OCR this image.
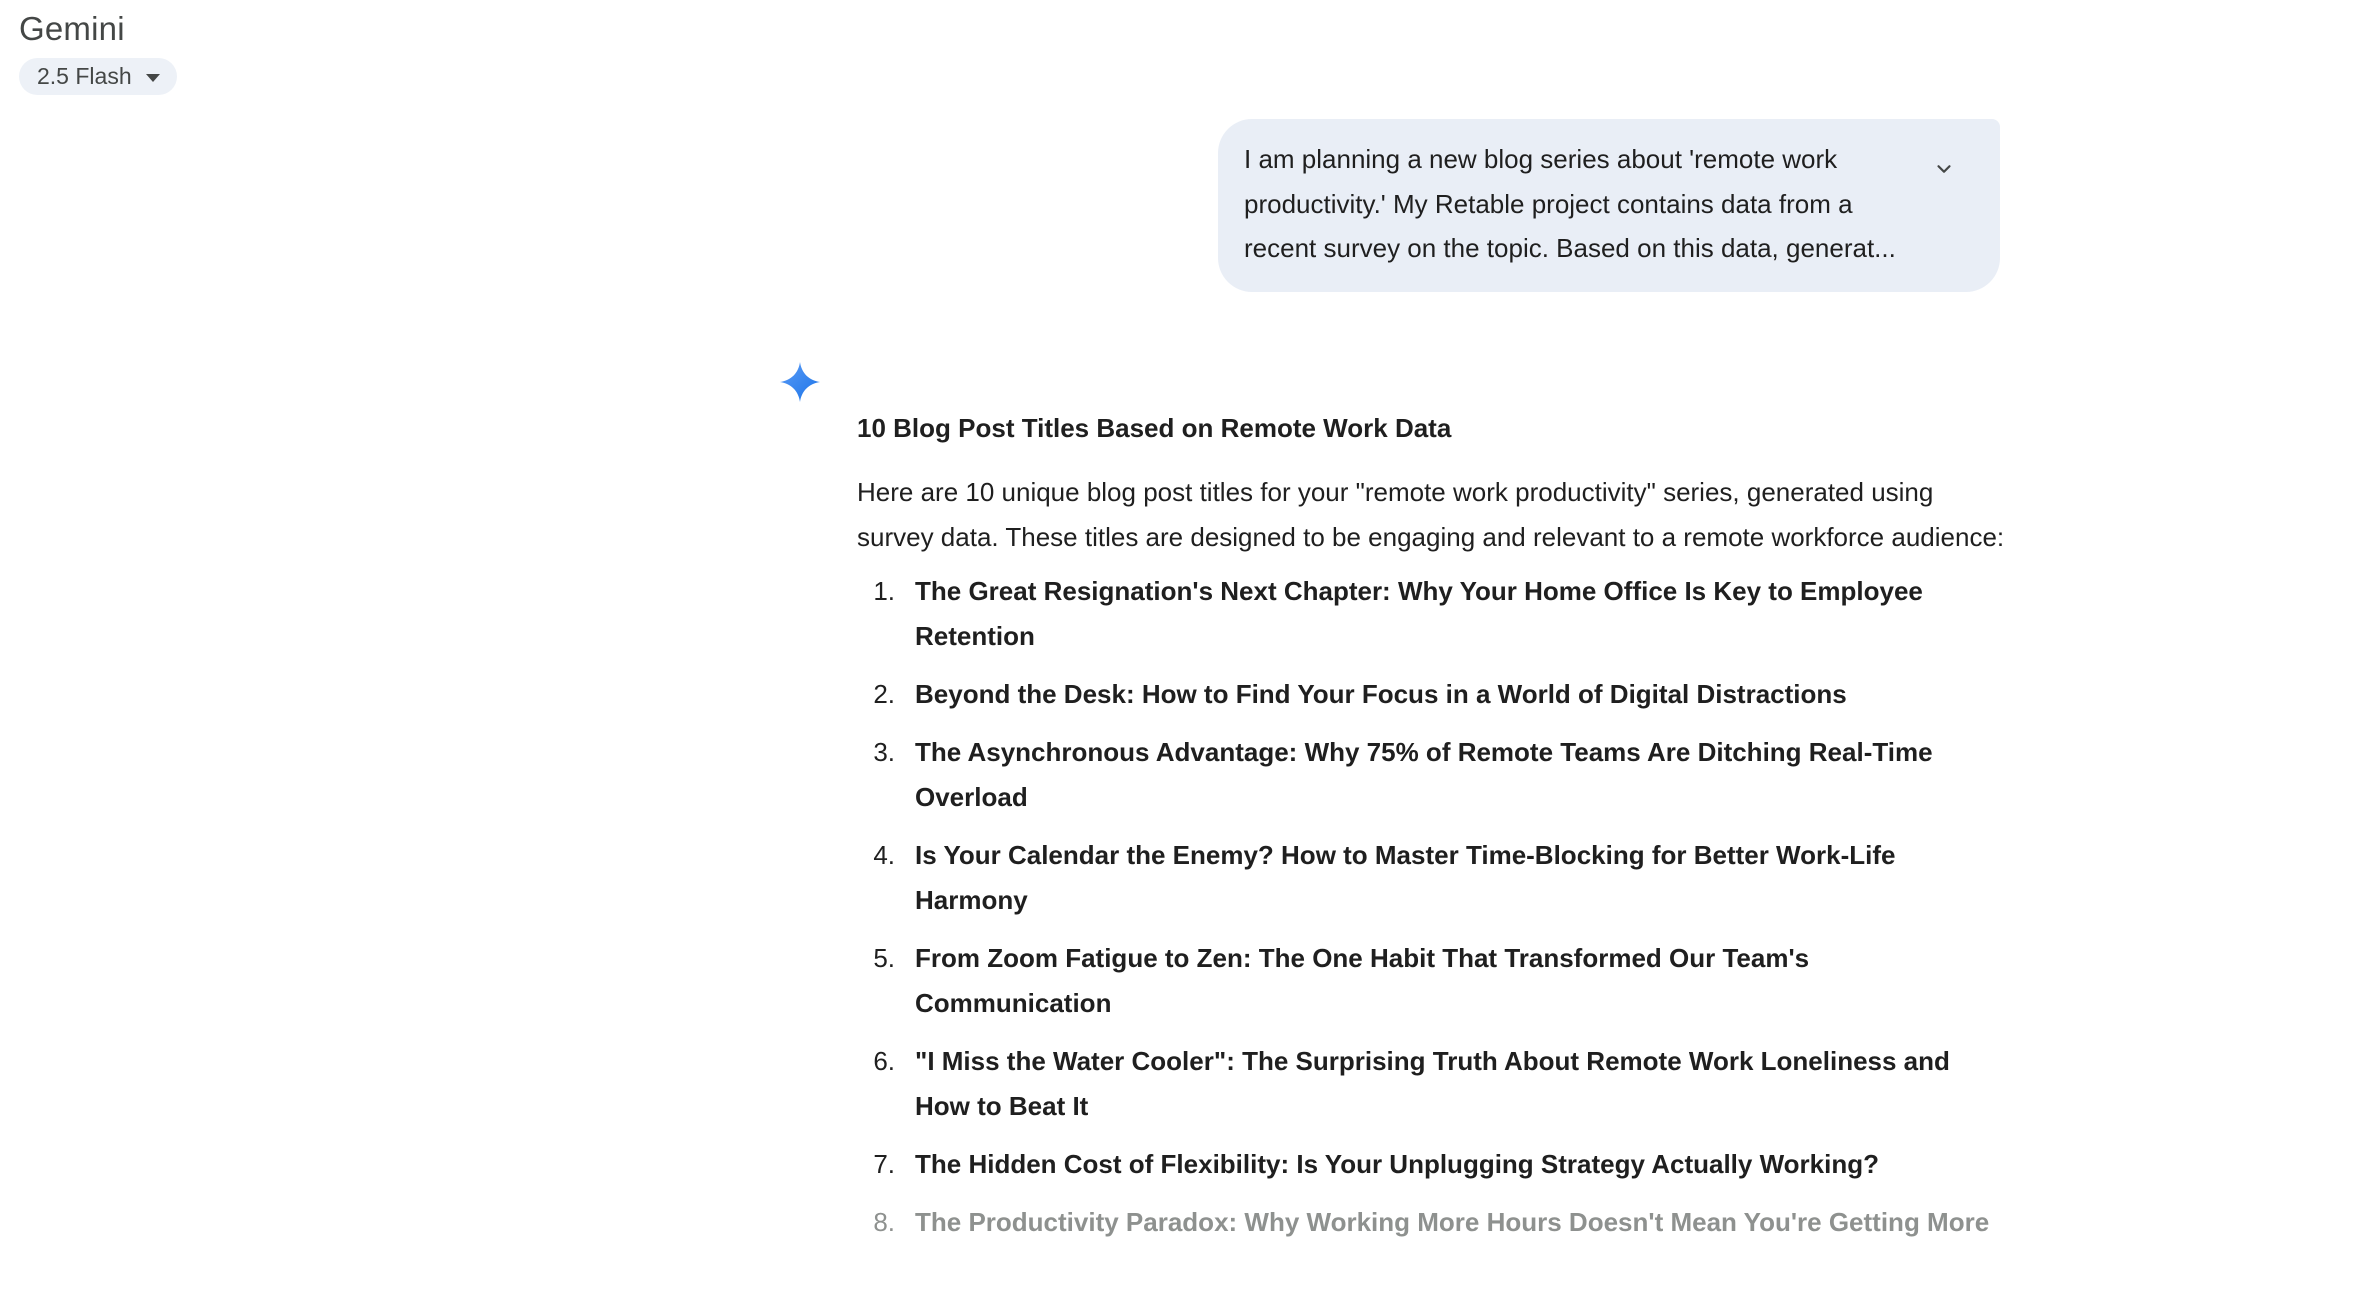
Gemini
2.5 Flash
I am planning a new blog series about 'remote work productivity.' My Retable project contains data from a recent survey on the topic. Based on this data, generat...
10 Blog Post Titles Based on Remote Work Data

Here are 10 unique blog post titles for your "remote work productivity" series, generated using survey data. These titles are designed to be engaging and relevant to a remote workforce audience:

1. The Great Resignation's Next Chapter: Why Your Home Office Is Key to Employee Retention
2. Beyond the Desk: How to Find Your Focus in a World of Digital Distractions
3. The Asynchronous Advantage: Why 75% of Remote Teams Are Ditching Real-Time Overload
4. Is Your Calendar the Enemy? How to Master Time-Blocking for Better Work-Life Harmony
5. From Zoom Fatigue to Zen: The One Habit That Transformed Our Team's Communication
6. "I Miss the Water Cooler": The Surprising Truth About Remote Work Loneliness and How to Beat It
7. The Hidden Cost of Flexibility: Is Your Unplugging Strategy Actually Working?
8. The Productivity Paradox: Why Working More Hours Doesn't Mean You're Getting More
